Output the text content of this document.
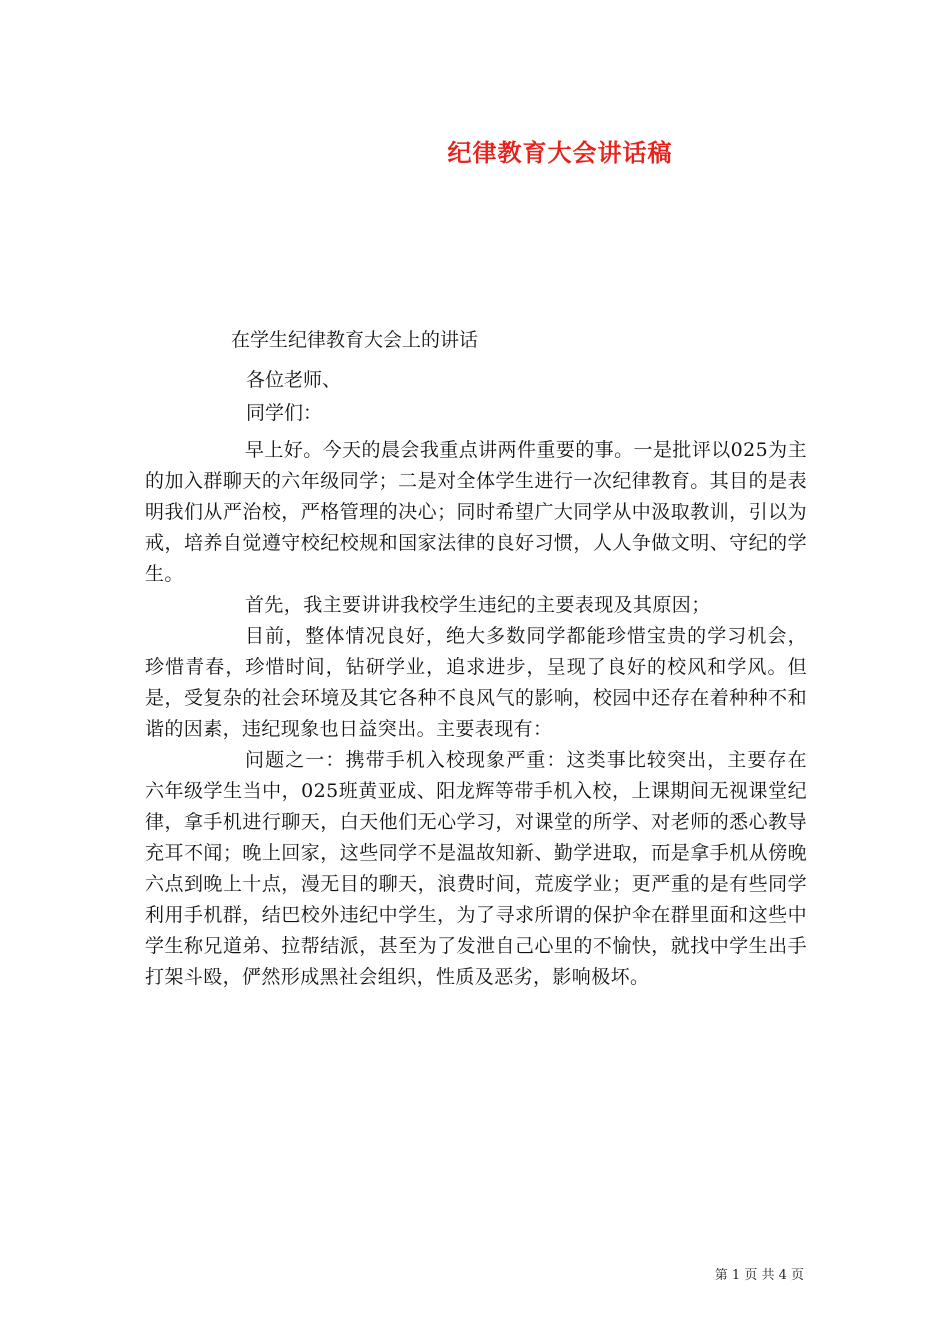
纪律教育大会讲话稿
在学生纪律教育大会上的讲话
各位老师、
同学们：

早上好。今天的晨会我重点讲两件重要的事。一是批评以025为主的加入群聊天的六年级同学；二是对全体学生进行一次纪律教育。其目的是表明我们从严治校，严格管理的决心；同时希望广大同学从中汲取教训，引以为戒，培养自觉遵守校纪校规和国家法律的良好习惯，人人争做文明、守纪的学生。

首先，我主要讲讲我校学生违纪的主要表现及其原因；

目前，整体情况良好，绝大多数同学都能珍惜宝贵的学习机会，珍惜青春，珍惜时间，钻研学业，追求进步，呈现了良好的校风和学风。但是，受复杂的社会环境及其它各种不良风气的影响，校园中还存在着种种不和谐的因素，违纪现象也日益突出。主要表现有：

问题之一：携带手机入校现象严重：这类事比较突出，主要存在六年级学生当中，025班黄亚成、阳龙辉等带手机入校，上课期间无视课堂纪律，拿手机进行聊天，白天他们无心学习，对课堂的所学、对老师的悉心教导充耳不闻；晚上回家，这些同学不是温故知新、勤学进取，而是拿手机从傍晚六点到晚上十点，漫无目的聊天，浪费时间，荒废学业；更严重的是有些同学利用手机群，结巴校外违纪中学生，为了寻求所谓的保护伞在群里面和这些中学生称兄道弟、拉帮结派，甚至为了发泄自己心里的不愉快，就找中学生出手打架斗殴，俨然形成黑社会组织，性质及恶劣，影响极坏。

第 1 页 共 4 页
